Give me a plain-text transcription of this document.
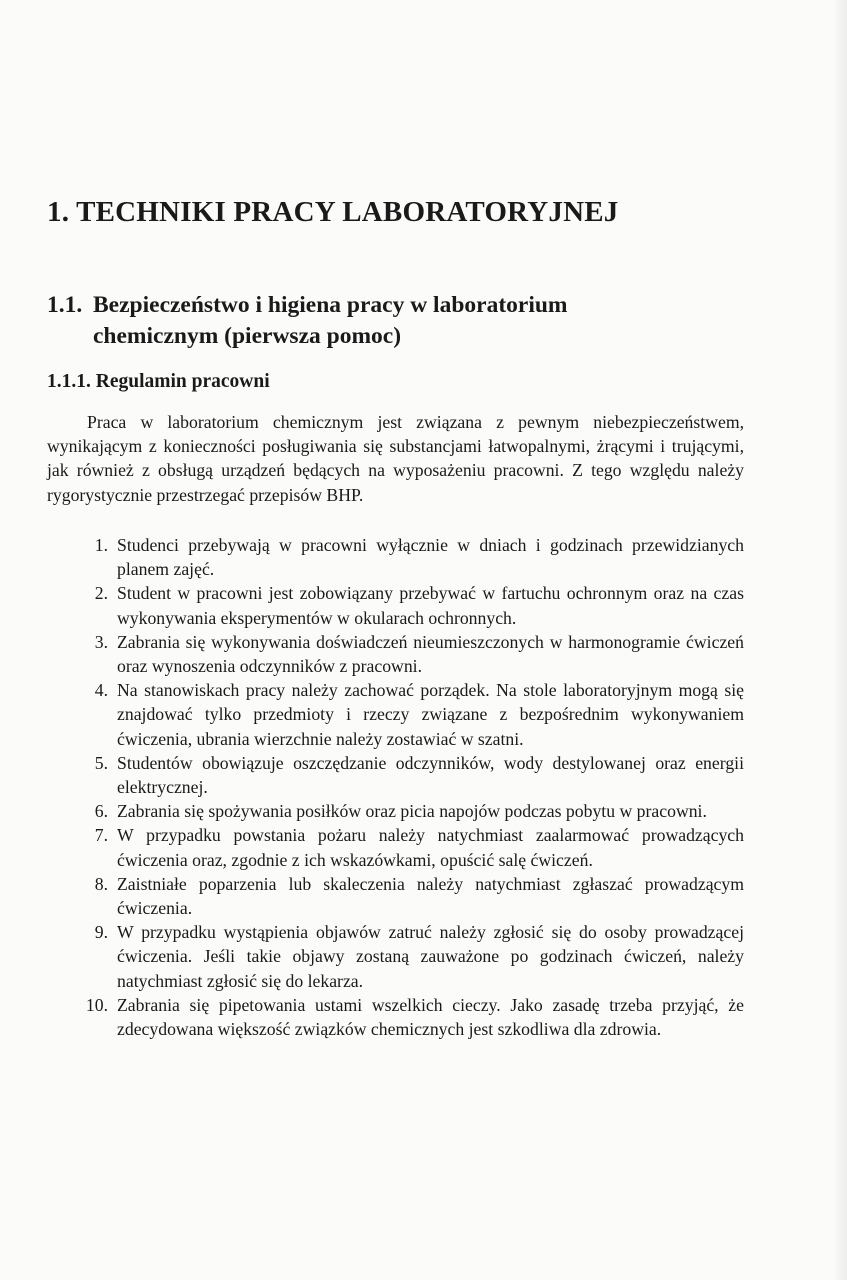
1. TECHNIKI PRACY LABORATORYJNEJ
1.1. Bezpieczeństwo i higiena pracy w laboratorium
chemicznym (pierwsza pomoc)
1.1.1. Regulamin pracowni

Praca w laboratorium chemicznym jest związana z pewnym niebezpieczeństwem, wynikającym z konieczności posługiwania się substancjami łatwopalnymi, żrącymi i trującymi, jak również z obsługą urządzeń będących na wyposażeniu pracowni. Z tego względu należy rygorystycznie przestrzegać przepisów BHP.

1. Studenci przebywają w pracowni wyłącznie w dniach i godzinach przewidzianych planem zajęć.
2. Student w pracowni jest zobowiązany przebywać w fartuchu ochronnym oraz na czas wykonywania eksperymentów w okularach ochronnych.
3. Zabrania się wykonywania doświadczeń nieumieszczonych w harmonogramie ćwiczeń oraz wynoszenia odczynników z pracowni.
4. Na stanowiskach pracy należy zachować porządek. Na stole laboratoryjnym mogą się znajdować tylko przedmioty i rzeczy związane z bezpośrednim wykonywaniem ćwiczenia, ubrania wierzchnie należy zostawiać w szatni.
5. Studentów obowiązuje oszczędzanie odczynników, wody destylowanej oraz energii elektrycznej.
6. Zabrania się spożywania posiłków oraz picia napojów podczas pobytu w pracowni.
7. W przypadku powstania pożaru należy natychmiast zaalarmować prowadzących ćwiczenia oraz, zgodnie z ich wskazówkami, opuścić salę ćwiczeń.
8. Zaistniałe poparzenia lub skaleczenia należy natychmiast zgłaszać prowadzącym ćwiczenia.
9. W przypadku wystąpienia objawów zatruć należy zgłosić się do osoby prowadzącej ćwiczenia. Jeśli takie objawy zostaną zauważone po godzinach ćwiczeń, należy natychmiast zgłosić się do lekarza.
10. Zabrania się pipetowania ustami wszelkich cieczy. Jako zasadę trzeba przyjąć, że zdecydowana większość związków chemicznych jest szkodliwa dla zdrowia.
